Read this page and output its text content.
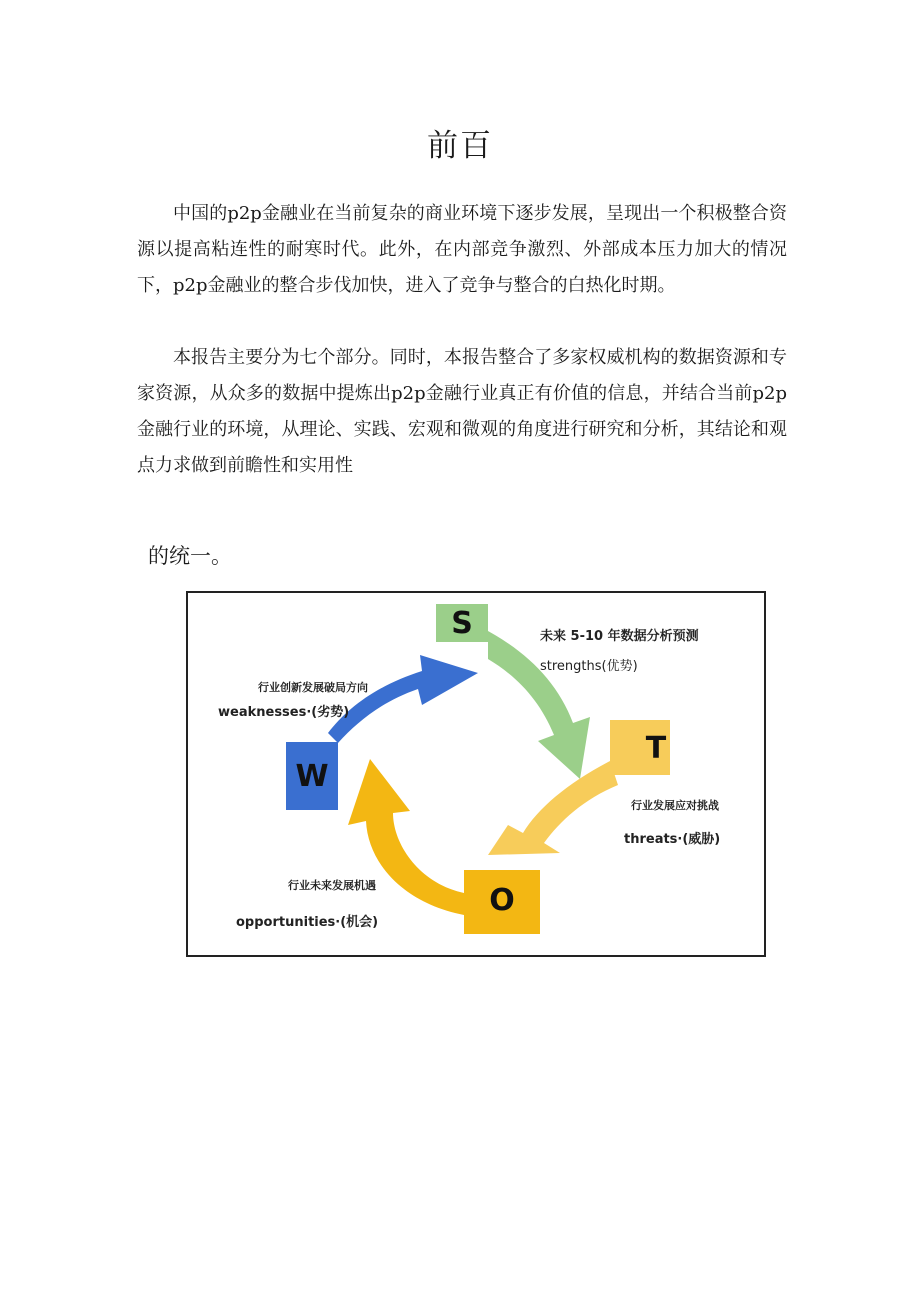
前百

中国的p2p金融业在当前复杂的商业环境下逐步发展，呈现出一个积极整合资源以提高粘连性的耐寒时代。此外，在内部竞争激烈、外部成本压力加大的情况下，p2p金融业的整合步伐加快，进入了竞争与整合的白热化时期。

本报告主要分为七个部分。同时，本报告整合了多家权威机构的数据资源和专家资源，从众多的数据中提炼出p2p金融行业真正有价值的信息，并结合当前p2p金融行业的环境，从理论、实践、宏观和微观的角度进行研究和分析，其结论和观点力求做到前瞻性和实用性

的统一。
S
T
O
W
未来 5-10 年数据分析预测
strengths(优势)
行业发展应对挑战
threats·(威胁)
行业未来发展机遇
opportunities·(机会)
行业创新发展破局方向
weaknesses·(劣势)
